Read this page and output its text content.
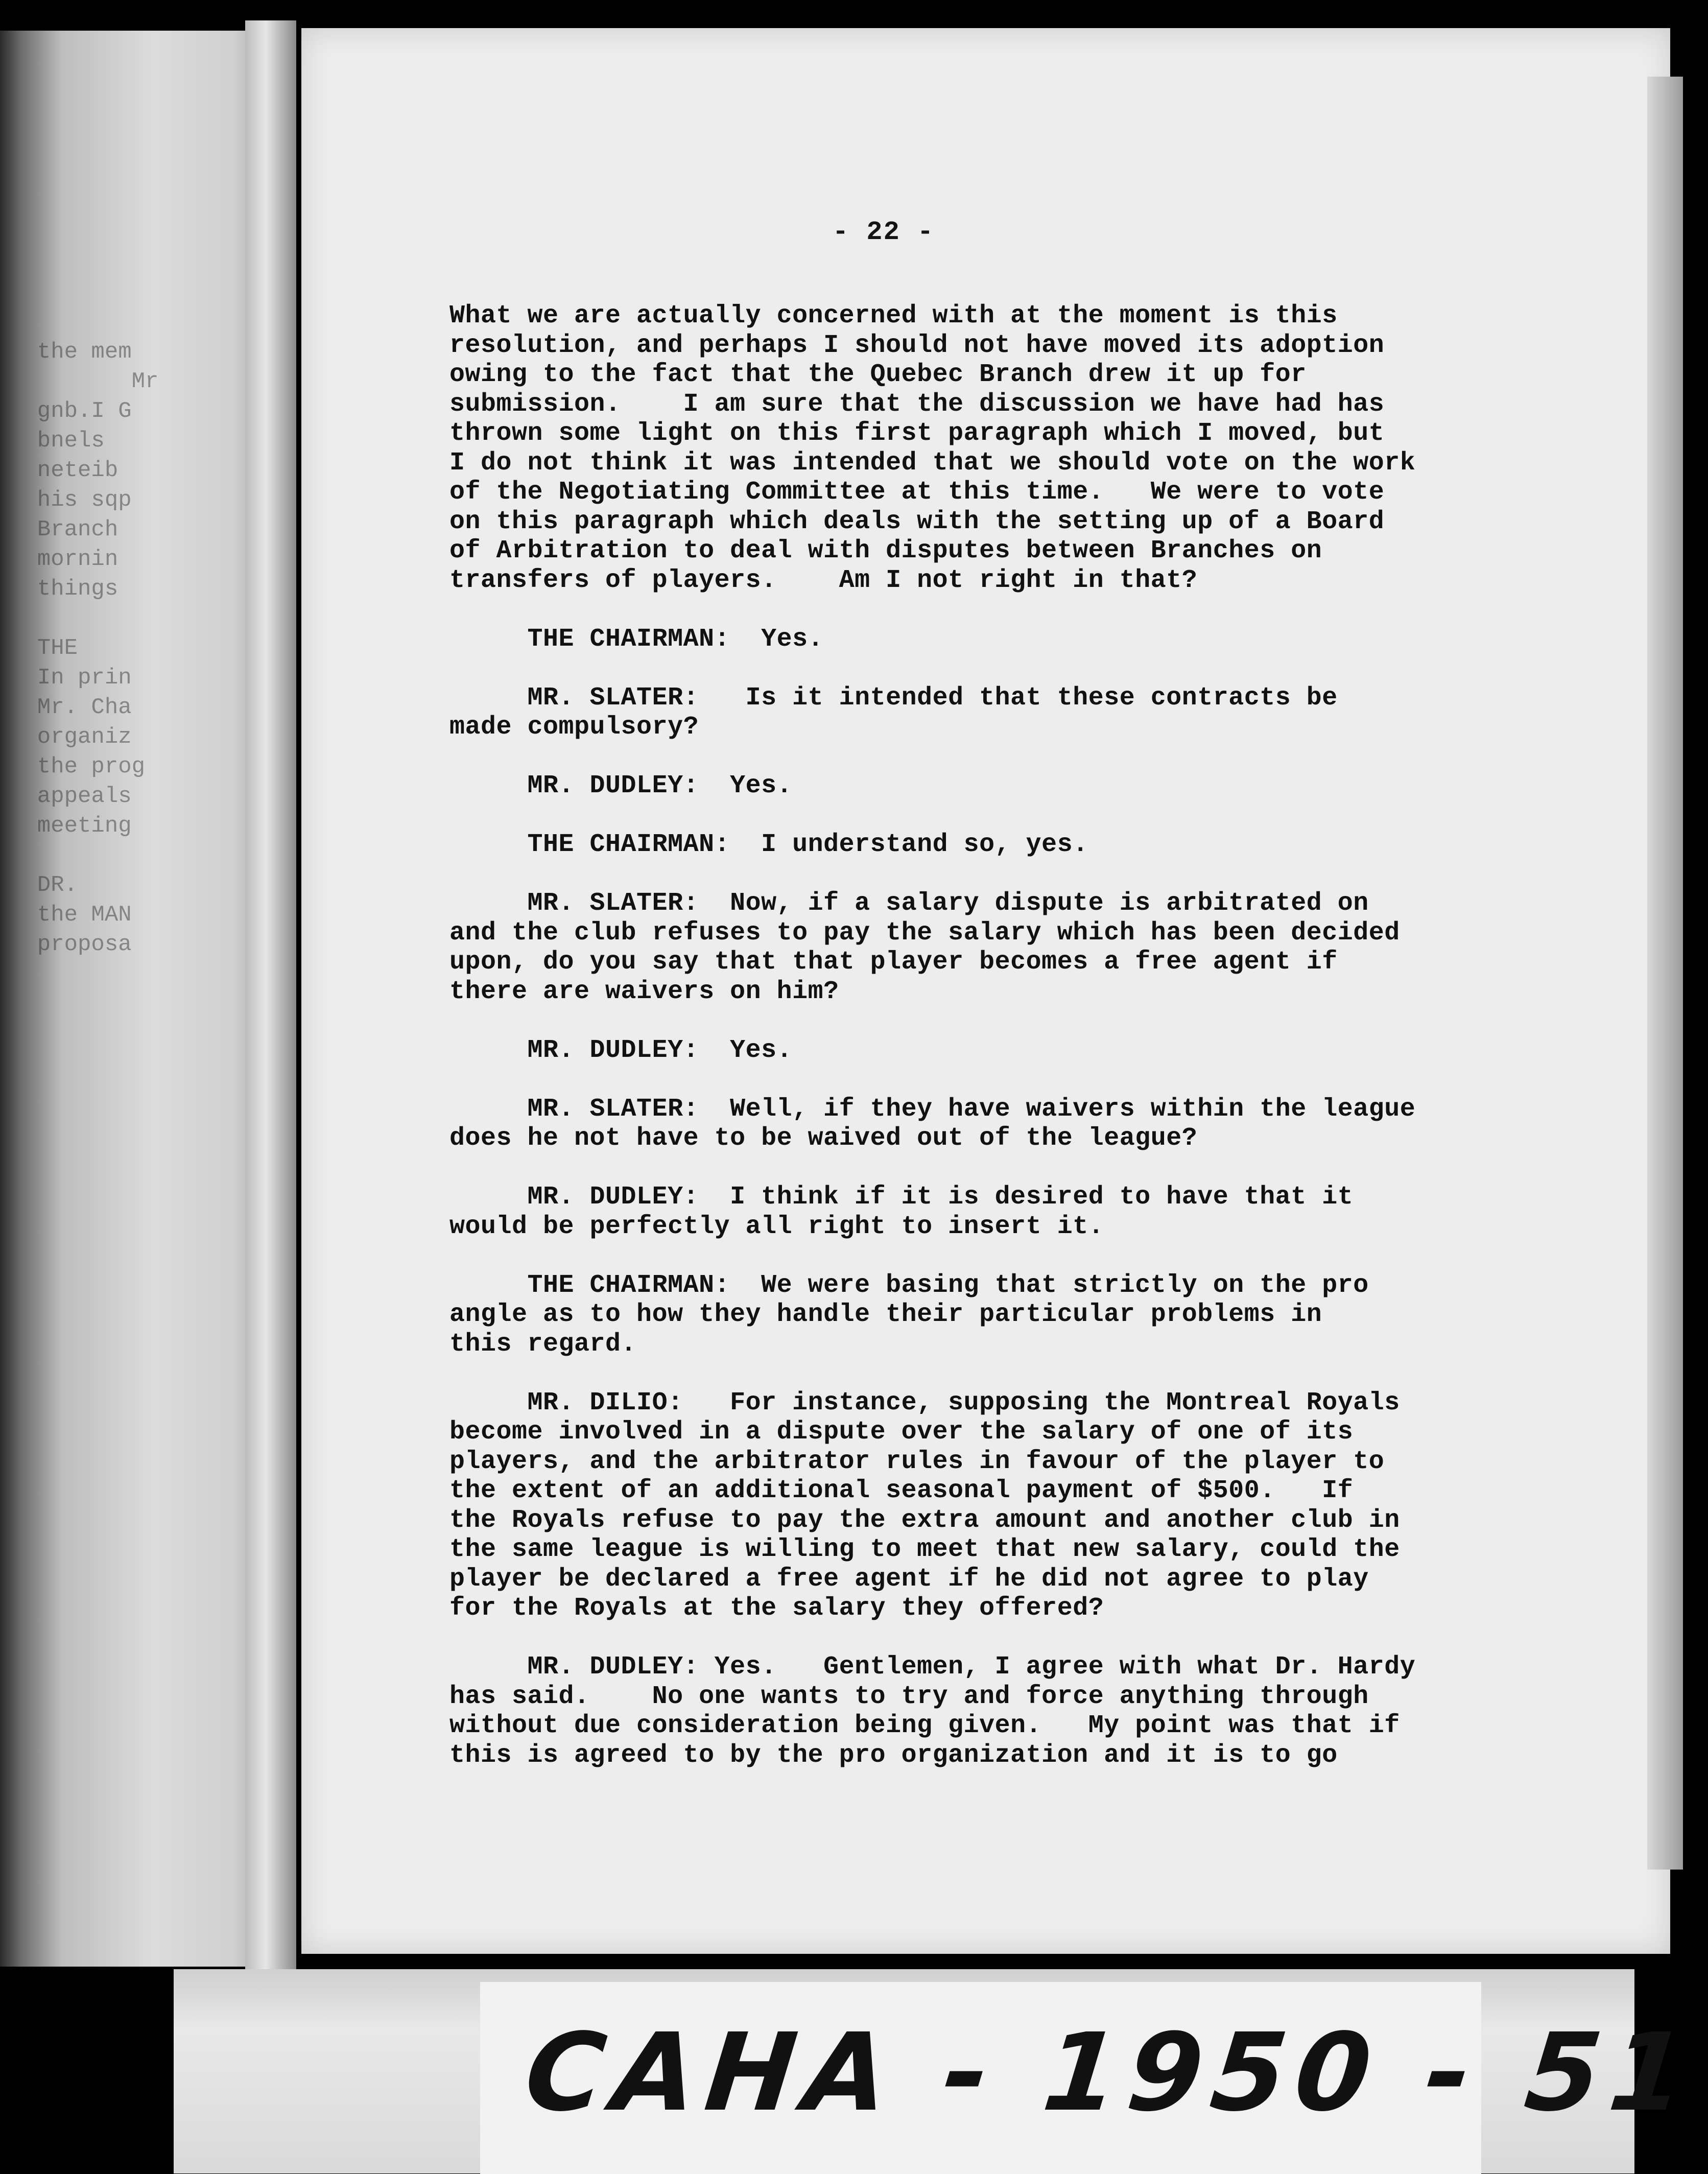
the mem
Mr
gnb.I G
bnels
neteib
his sqp
Branch
mornin
things
THE
In prin
Mr. Cha
organiz
the prog
appeals
meeting
DR.
the MAN
proposa
- 22 -
What we are actually concerned with at the moment is this
resolution, and perhaps I should not have moved its adoption
owing to the fact that the Quebec Branch drew it up for
submission.    I am sure that the discussion we have had has
thrown some light on this first paragraph which I moved, but
I do not think it was intended that we should vote on the work
of the Negotiating Committee at this time.   We were to vote
on this paragraph which deals with the setting up of a Board
of Arbitration to deal with disputes between Branches on
transfers of players.    Am I not right in that?
THE CHAIRMAN:  Yes.
MR. SLATER:   Is it intended that these contracts be
made compulsory?
MR. DUDLEY:  Yes.
THE CHAIRMAN:  I understand so, yes.
MR. SLATER:  Now, if a salary dispute is arbitrated on
and the club refuses to pay the salary which has been decided
upon, do you say that that player becomes a free agent if
there are waivers on him?
MR. DUDLEY:  Yes.
MR. SLATER:  Well, if they have waivers within the league
does he not have to be waived out of the league?
MR. DUDLEY:  I think if it is desired to have that it
would be perfectly all right to insert it.
THE CHAIRMAN:  We were basing that strictly on the pro
angle as to how they handle their particular problems in
this regard.
MR. DILIO:   For instance, supposing the Montreal Royals
become involved in a dispute over the salary of one of its
players, and the arbitrator rules in favour of the player to
the extent of an additional seasonal payment of $500.   If
the Royals refuse to pay the extra amount and another club in
the same league is willing to meet that new salary, could the
player be declared a free agent if he did not agree to play
for the Royals at the salary they offered?
MR. DUDLEY: Yes.   Gentlemen, I agree with what Dr. Hardy
has said.    No one wants to try and force anything through
without due consideration being given.   My point was that if
this is agreed to by the pro organization and it is to go
CAHA - 1950 - 51
